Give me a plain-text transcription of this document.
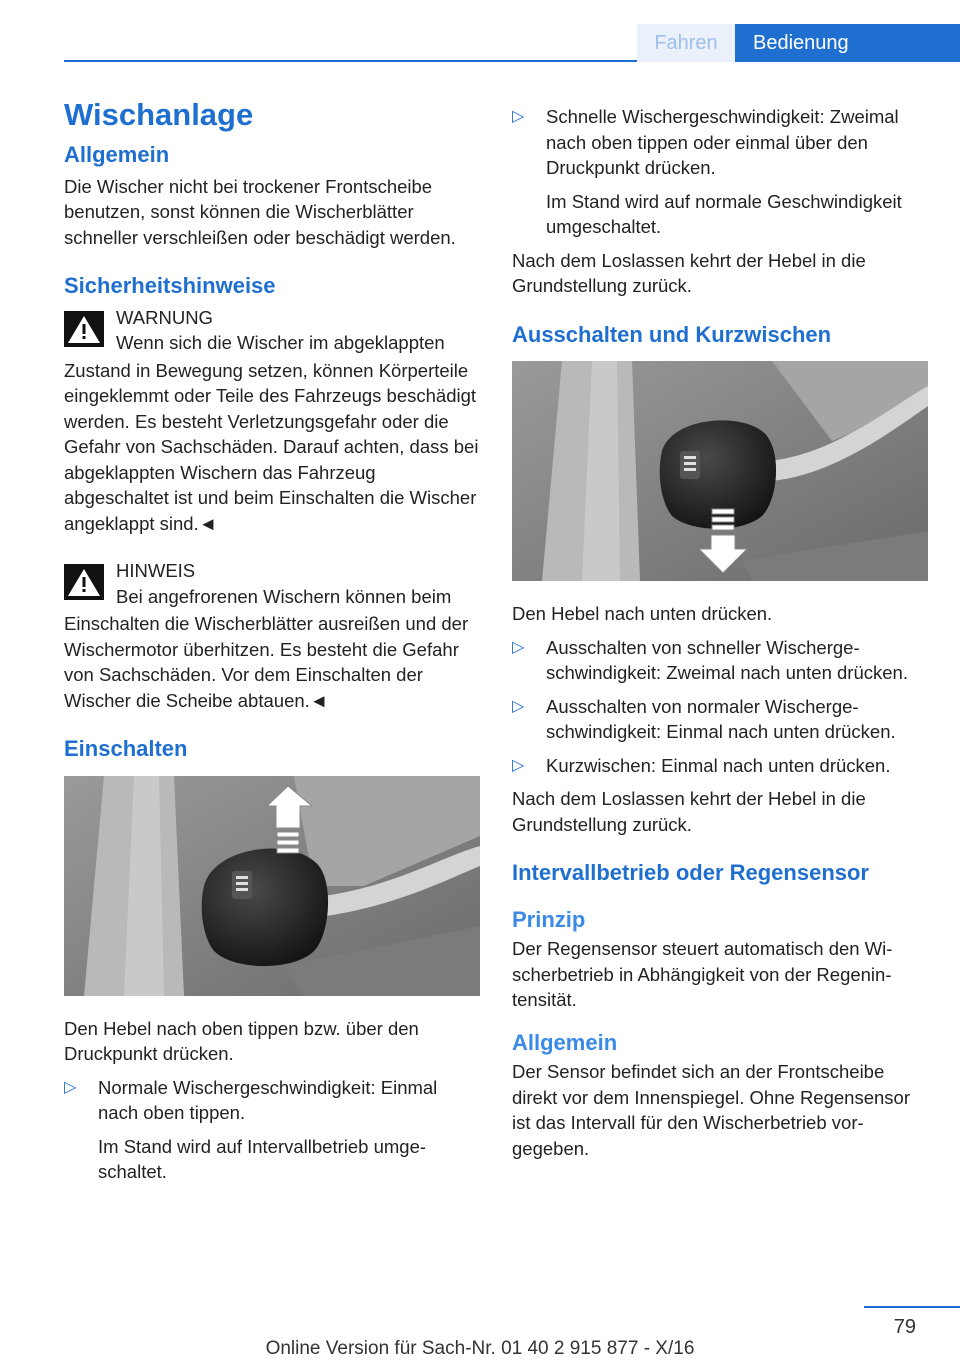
Fahren	Bedienung
Wischanlage
Allgemein

Die Wischer nicht bei trockener Frontscheibe benutzen, sonst können die Wischerblätter schneller verschleißen oder beschädigt werden.

Sicherheitshinweise

WARNUNG

Wenn sich die Wischer im abgeklappten

Zustand in Bewegung setzen, können Körperteile eingeklemmt oder Teile des Fahrzeugs beschädigt werden. Es besteht Verletzungsgefahr oder die Gefahr von Sachschäden. Darauf achten, dass bei abgeklappten Wischern das Fahrzeug abgeschaltet ist und beim Einschalten die Wischer angeklappt sind.◄

HINWEIS

Bei angefrorenen Wischern können beim

Einschalten die Wischerblätter ausreißen und der Wischermotor überhitzen. Es besteht die Gefahr von Sachschäden. Vor dem Einschalten der Wischer die Scheibe abtauen.◄

Einschalten

Den Hebel nach oben tippen bzw. über den Druckpunkt drücken.

▷ Normale Wischergeschwindigkeit: Einmal nach oben tippen.
Im Stand wird auf Intervallbetrieb umgeschaltet.
▷ Schnelle Wischergeschwindigkeit: Zweimal nach oben tippen oder einmal über den Druckpunkt drücken.
Im Stand wird auf normale Geschwindigkeit umgeschaltet.

Nach dem Loslassen kehrt der Hebel in die Grundstellung zurück.

Ausschalten und Kurzwischen

Den Hebel nach unten drücken.

▷ Ausschalten von schneller Wischergeschwindigkeit: Zweimal nach unten drücken.
▷ Ausschalten von normaler Wischergeschwindigkeit: Einmal nach unten drücken.
▷ Kurzwischen: Einmal nach unten drücken.

Nach dem Loslassen kehrt der Hebel in die Grundstellung zurück.

Intervallbetrieb oder Regensensor
Prinzip

Der Regensensor steuert automatisch den Wischerbetrieb in Abhängigkeit von der Regenintensität.

Allgemein

Der Sensor befindet sich an der Frontscheibe direkt vor dem Innenspiegel. Ohne Regensensor ist das Intervall für den Wischerbetrieb vorgegeben.

79
Online Version für Sach-Nr. 01 40 2 915 877 - X/16
